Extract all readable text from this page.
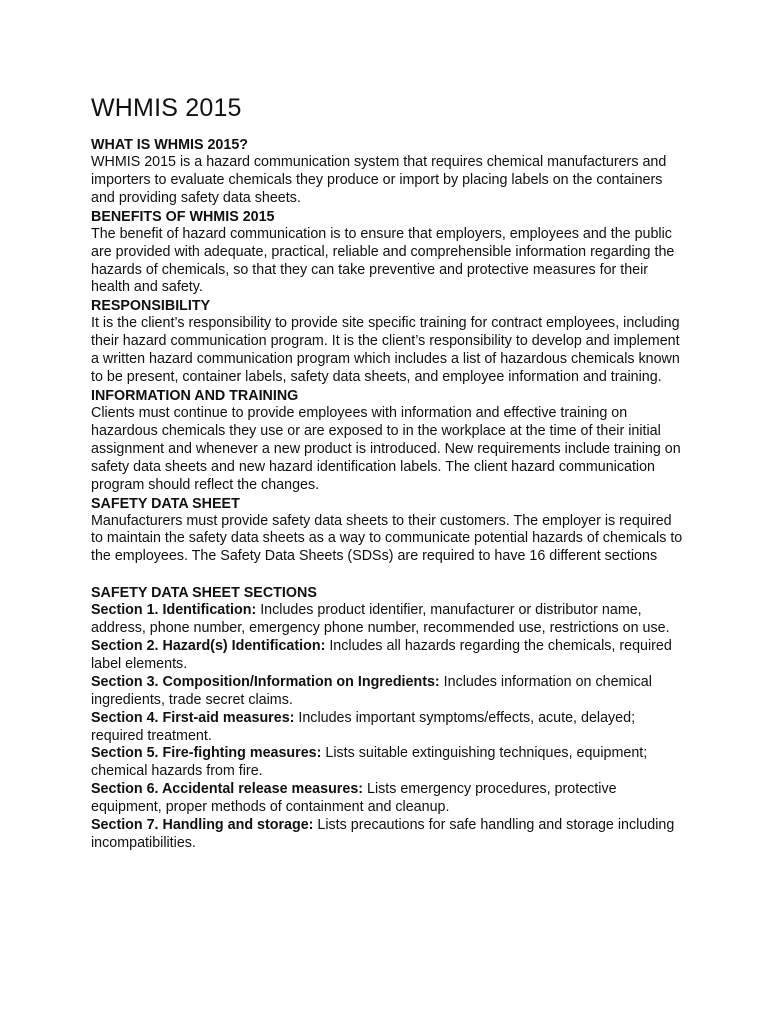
WHMIS 2015

WHAT IS WHMIS 2015?

WHMIS 2015 is a hazard communication system that requires chemical manufacturers and importers to evaluate chemicals they produce or import by placing labels on the containers and providing safety data sheets.

BENEFITS OF WHMIS 2015

The benefit of hazard communication is to ensure that employers, employees and the public are provided with adequate, practical, reliable and comprehensible information regarding the hazards of chemicals, so that they can take preventive and protective measures for their health and safety.

RESPONSIBILITY

It is the client’s responsibility to provide site specific training for contract employees, including their hazard communication program. It is the client’s responsibility to develop and implement a written hazard communication program which includes a list of hazardous chemicals known to be present, container labels, safety data sheets, and employee information and training.

INFORMATION AND TRAINING

Clients must continue to provide employees with information and effective training on hazardous chemicals they use or are exposed to in the workplace at the time of their initial assignment and whenever a new product is introduced. New requirements include training on safety data sheets and new hazard identification labels. The client hazard communication program should reflect the changes.

SAFETY DATA SHEET

Manufacturers must provide safety data sheets to their customers. The employer is required to maintain the safety data sheets as a way to communicate potential hazards of chemicals to the employees. The Safety Data Sheets (SDSs) are required to have 16 different sections

SAFETY DATA SHEET SECTIONS

Section 1. Identification: Includes product identifier, manufacturer or distributor name, address, phone number, emergency phone number, recommended use, restrictions on use.

Section 2. Hazard(s) Identification: Includes all hazards regarding the chemicals, required label elements.

Section 3. Composition/Information on Ingredients: Includes information on chemical ingredients, trade secret claims.

Section 4. First-aid measures: Includes important symptoms/effects, acute, delayed; required treatment.

Section 5. Fire-fighting measures: Lists suitable extinguishing techniques, equipment; chemical hazards from fire.

Section 6. Accidental release measures: Lists emergency procedures, protective equipment, proper methods of containment and cleanup.

Section 7. Handling and storage: Lists precautions for safe handling and storage including incompatibilities.
